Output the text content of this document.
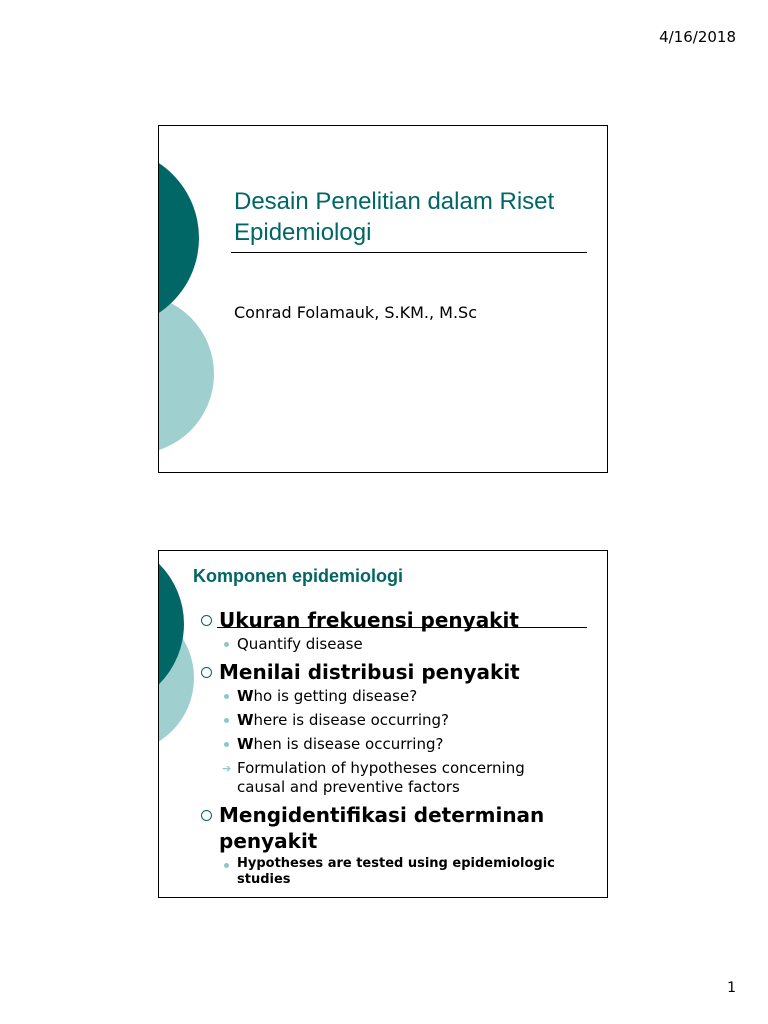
4/16/2018
Desain Penelitian dalam Riset
Epidemiologi
Conrad Folamauk, S.KM., M.Sc
Komponen epidemiologi
Ukuran frekuensi penyakit
Quantify disease
Menilai distribusi penyakit
Who is getting disease?
Where is disease occurring?
When is disease occurring?
➔ Formulation of hypotheses concerning
causal and preventive factors
Mengidentifikasi determinan
penyakit
Hypotheses are tested using epidemiologic
studies
1
